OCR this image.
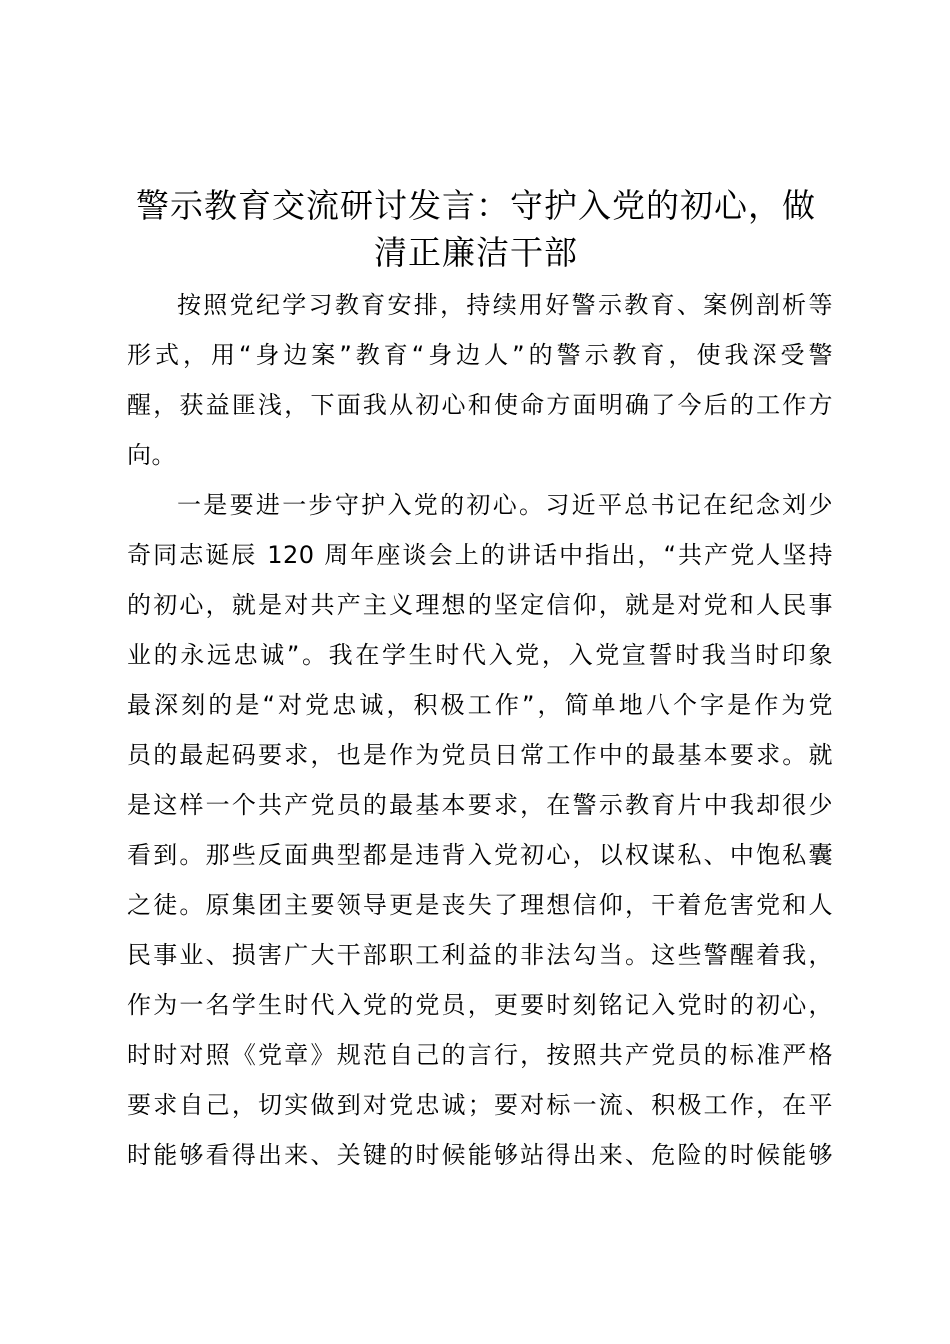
警示教育交流研讨发言：守护入党的初心，做
清正廉洁干部
按照党纪学习教育安排，持续用好警示教育、案例剖析等
形式，用“身边案”教育“身边人”的警示教育，使我深受警
醒，获益匪浅，下面我从初心和使命方面明确了今后的工作方
向。
一是要进一步守护入党的初心。习近平总书记在纪念刘少
奇同志诞辰 120 周年座谈会上的讲话中指出，“共产党人坚持
的初心，就是对共产主义理想的坚定信仰，就是对党和人民事
业的永远忠诚”。我在学生时代入党，入党宣誓时我当时印象
最深刻的是“对党忠诚，积极工作”，简单地八个字是作为党
员的最起码要求，也是作为党员日常工作中的最基本要求。就
是这样一个共产党员的最基本要求，在警示教育片中我却很少
看到。那些反面典型都是违背入党初心，以权谋私、中饱私囊
之徒。原集团主要领导更是丧失了理想信仰，干着危害党和人
民事业、损害广大干部职工利益的非法勾当。这些警醒着我，
作为一名学生时代入党的党员，更要时刻铭记入党时的初心，
时时对照《党章》规范自己的言行，按照共产党员的标准严格
要求自己，切实做到对党忠诚；要对标一流、积极工作，在平
时能够看得出来、关键的时候能够站得出来、危险的时候能够
